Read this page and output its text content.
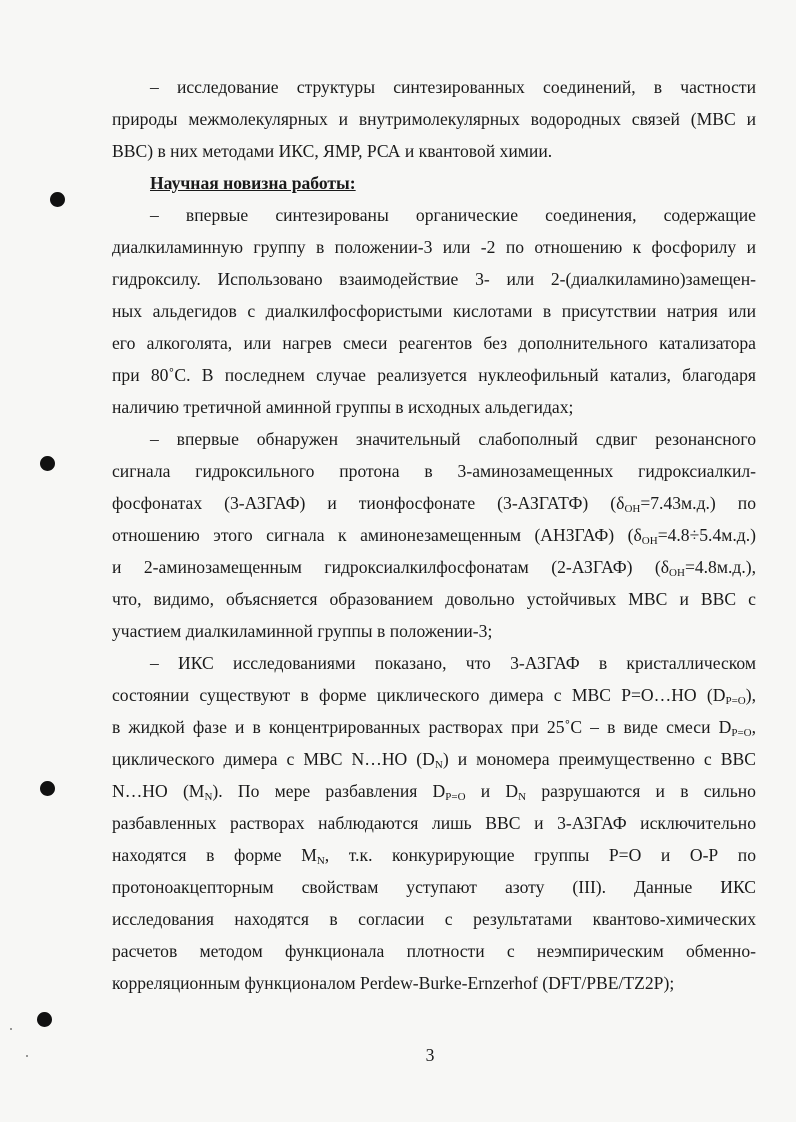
– исследование структуры синтезированных соединений, в частности
природы межмолекулярных и внутримолекулярных водородных связей (МВС и
ВВС) в них методами ИКС, ЯМР, РСА и квантовой химии.
Научная новизна работы:
– впервые синтезированы органические соединения, содержащие
диалкиламинную группу в положении-3 или -2 по отношению к фосфорилу и
гидроксилу. Использовано взаимодействие 3- или 2-(диалкиламино)замещен-
ных альдегидов с диалкилфосфористыми кислотами в присутствии натрия или
его алкоголята, или нагрев смеси реагентов без дополнительного катализатора
при 80˚С. В последнем случае реализуется нуклеофильный катализ, благодаря
наличию третичной аминной группы в исходных альдегидах;
– впервые обнаружен значительный слабополный сдвиг резонансного
сигнала гидроксильного протона в 3-аминозамещенных гидроксиалкил-
фосфонатах (3-АЗГАФ) и тионфосфонате (3-АЗГАТФ) $(\delta_{OH}=7.43м.д.)$ по
отношению этого сигнала к аминонезамещенным (АНЗГАФ) $(\delta_{OH}=4.8\div 5.4м.д.)$
и 2-аминозамещенным гидроксиалкилфосфонатам (2-АЗГАФ) $(\delta_{OH}=4.8м.д.)$,
что, видимо, объясняется образованием довольно устойчивых МВС и ВВС с
участием диалкиламинной группы в положении-3;
– ИКС исследованиями показано, что 3-АЗГАФ в кристаллическом
состоянии существуют в форме циклического димера с МВС Р=О…НО $(D_{P=O})$,
в жидкой фазе и в концентрированных растворах при 25˚С – в виде смеси $D_{P=O}$,
циклического димера с МВС N…НО $(D_N)$ и мономера преимущественно с ВВС
N…НО $(M_N)$. По мере разбавления $D_{P=O}$ и $D_N$ разрушаются и в сильно
разбавленных растворах наблюдаются лишь ВВС и 3-АЗГАФ исключительно
находятся в форме $M_N$, т.к. конкурирующие группы Р=О и О-Р по
протоноакцепторным свойствам уступают азоту (III). Данные ИКС
исследования находятся в согласии с результатами квантово-химических
расчетов методом функционала плотности с неэмпирическим обменно-
корреляционным функционалом Perdew-Burke-Ernzerhof (DFT/PBE/TZ2P);
3
